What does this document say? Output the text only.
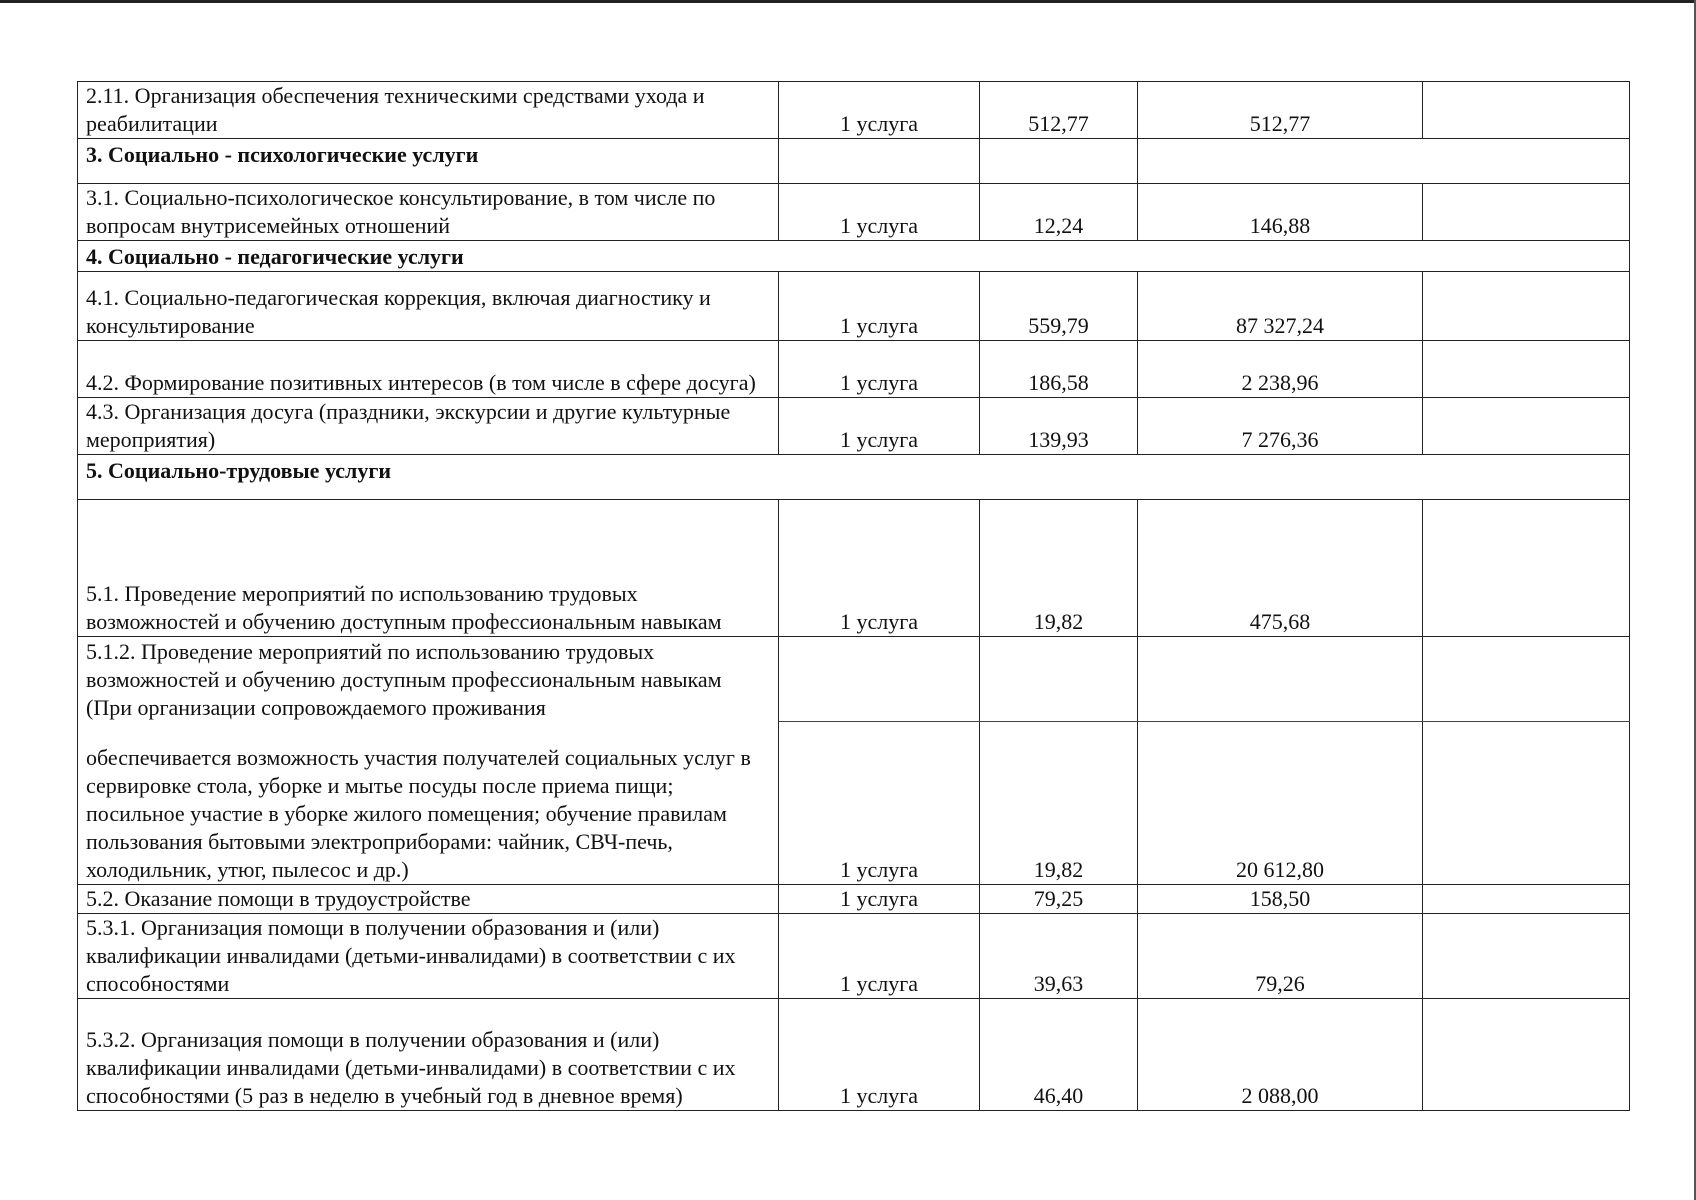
2.11. Организация обеспечения техническими средствами ухода и реабилитации	1 услуга	512,77	512,77	
3. Социально - психологические услуги				
3.1. Социально-психологическое консультирование, в том числе по вопросам внутрисемейных отношений	1 услуга	12,24	146,88	
4. Социально - педагогические услуги				
4.1. Социально-педагогическая коррекция, включая диагностику и консультирование	1 услуга	559,79	87 327,24	
4.2. Формирование позитивных интересов (в том числе в сфере досуга)	1 услуга	186,58	2 238,96	
4.3. Организация досуга (праздники, экскурсии и другие культурные мероприятия)	1 услуга	139,93	7 276,36	
5. Социально-трудовые услуги				
5.1. Проведение мероприятий по использованию трудовых возможностей и обучению доступным профессиональным навыкам	1 услуга	19,82	475,68	
5.1.2. Проведение мероприятий по использованию трудовых возможностей и обучению доступным профессиональным навыкам (При организации сопровождаемого проживания				
обеспечивается возможность участия получателей социальных услуг в сервировке стола, уборке и мытье посуды после приема пищи; посильное участие в уборке жилого помещения; обучение правилам пользования бытовыми электроприборами: чайник, СВЧ-печь, холодильник, утюг, пылесос и др.)	1 услуга	19,82	20 612,80	
5.2. Оказание помощи в трудоустройстве	1 услуга	79,25	158,50	
5.3.1. Организация помощи в получении образования и (или) квалификации инвалидами (детьми-инвалидами) в соответствии с их способностями	1 услуга	39,63	79,26	
5.3.2. Организация помощи в получении образования и (или) квалификации инвалидами (детьми-инвалидами) в соответствии с их способностями (5 раз в неделю в учебный год в дневное время)	1 услуга	46,40	2 088,00	
